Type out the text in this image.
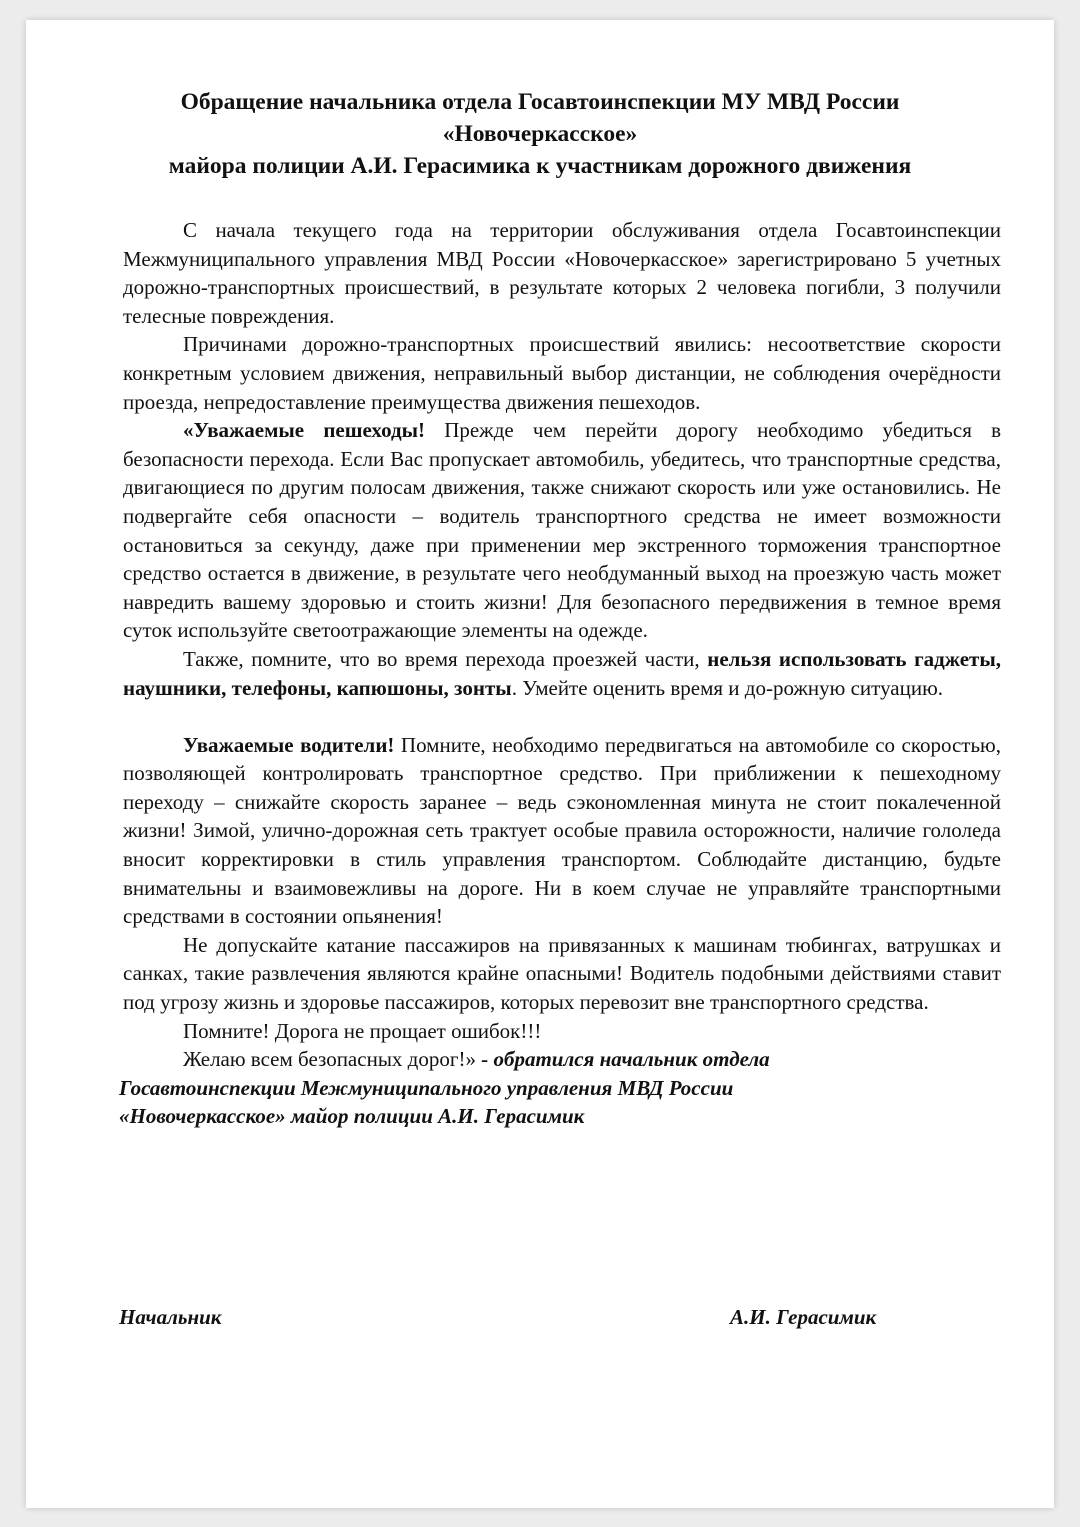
Обращение начальника отдела Госавтоинспекции МУ МВД России
«Новочеркасское»
майора полиции А.И. Герасимика к участникам дорожного движения

С начала текущего года на территории обслуживания отдела Госавтоинспекции Межмуниципального управления МВД России «Новочеркасское» зарегистрировано 5 учетных дорожно-транспортных происшествий, в результате которых 2 человека погибли, 3 получили телесные повреждения.

Причинами дорожно-транспортных происшествий явились: несоответствие скорости конкретным условием движения, неправильный выбор дистанции, не соблюдения очерёдности проезда, непредоставление преимущества движения пешеходов.

«Уважаемые пешеходы! Прежде чем перейти дорогу необходимо убедиться в безопасности перехода. Если Вас пропускает автомобиль, убедитесь, что транспортные средства, двигающиеся по другим полосам движения, также снижают скорость или уже остановились. Не подвергайте себя опасности – водитель транспортного средства не имеет возможности остановиться за секунду, даже при применении мер экстренного торможения транспортное средство остается в движение, в результате чего необдуманный выход на проезжую часть может навредить вашему здоровью и стоить жизни! Для безопасного передвижения в темное время суток используйте светоотражающие элементы на одежде.

Также, помните, что во время перехода проезжей части, нельзя использовать гаджеты, наушники, телефоны, капюшоны, зонты. Умейте оценить время и до-рожную ситуацию.

Уважаемые водители! Помните, необходимо передвигаться на автомобиле со скоростью, позволяющей контролировать транспортное средство. При приближении к пешеходному переходу – снижайте скорость заранее – ведь сэкономленная минута не стоит покалеченной жизни! Зимой, улично-дорожная сеть трактует особые правила осторожности, наличие гололеда вносит корректировки в стиль управления транспортом. Соблюдайте дистанцию, будьте внимательны и взаимовежливы на дороге. Ни в коем случае не управляйте транспортными средствами в состоянии опьянения!

Не допускайте катание пассажиров на привязанных к машинам тюбингах, ватрушках и санках, такие развлечения являются крайне опасными! Водитель подобными действиями ставит под угрозу жизнь и здоровье пассажиров, которых перевозит вне транспортного средства.

Помните! Дорога не прощает ошибок!!!

Желаю всем безопасных дорог!» - обратился начальник отдела

Госавтоинспекции Межмуниципального управления МВД России
«Новочеркасское» майор полиции А.И. Герасимик
Начальник	А.И. Герасимик
